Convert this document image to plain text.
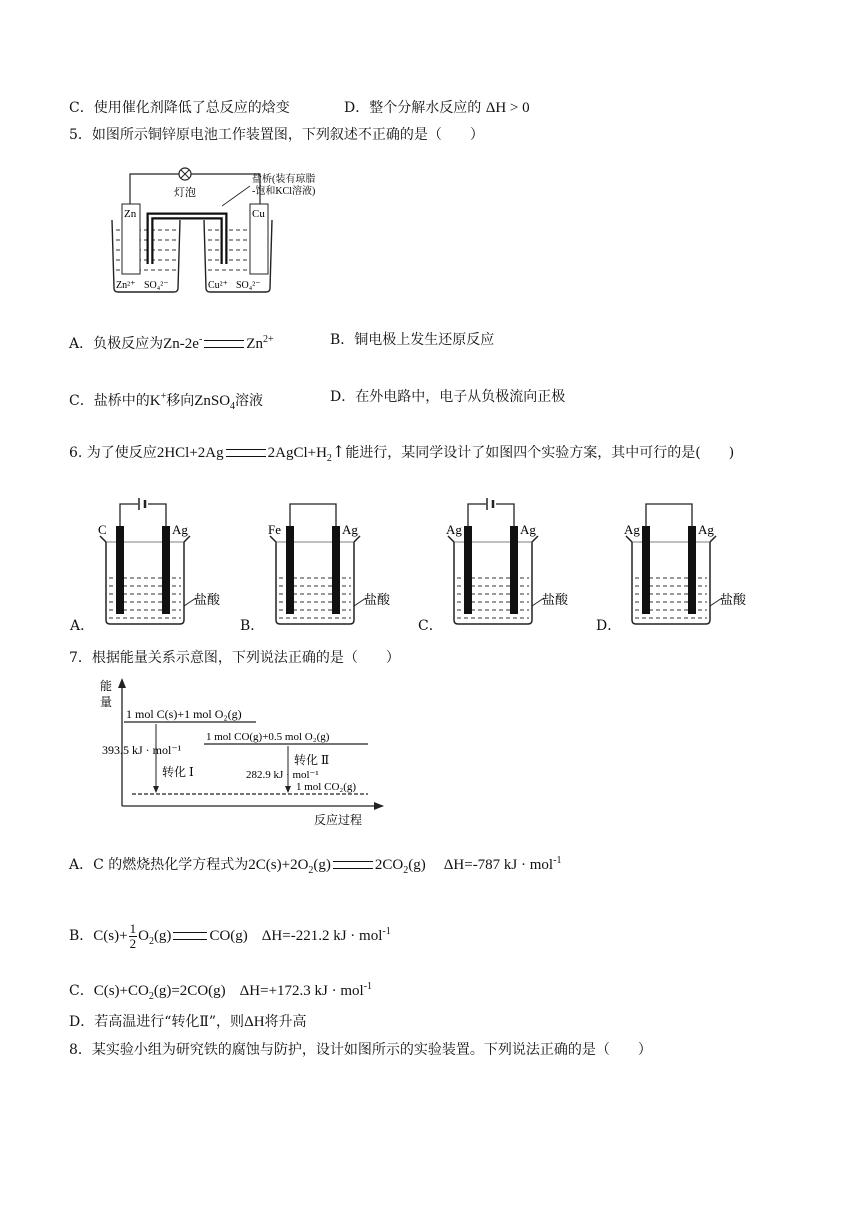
C．使用催化剂降低了总反应的焓变	D．整个分解水反应的 ΔH > 0
5．如图所示铜锌原电池工作装置图，下列叙述不正确的是（　　）
灯泡
盐桥(装有琼脂
-饱和KCl溶液)
Zn	Cu
Zn²⁺ SO₄²⁻	Cu²⁺ SO₄²⁻
A．负极反应为Zn-2e-	$Zn^{2+}$	B．铜电极上发生还原反应
C．盐桥中的K+移向ZnSO$_4$溶液	D．在外电路中，电子从负极流向正极
6. 为了使反应2HCl+2Ag	$2AgCl+H_2↑$能进行，某同学设计了如图四个实验方案，其中可行的是(　　)
A．
C	Ag
盐酸
B．
Fe	Ag
盐酸
C．
Ag	Ag
盐酸
D．
Ag	Ag
盐酸
7．根据能量关系示意图，下列说法正确的是（　　）
能
量
反应过程
1 mol C(s)+1 mol O₂(g)
1 mol CO(g)+0.5 mol O₂(g)
1 mol CO₂(g)
393.5 kJ · mol⁻¹
转化 Ⅰ
转化 Ⅱ
282.9 kJ · mol⁻¹
A．C 的燃烧热化学方程式为$2C(s)+2O_2(g)$	$2CO_2(g)$ ΔH=-787 kJ · mol$^{-1}$
B．$C(s)+ \frac{1}{2} O_2(g)$	CO(g) ΔH=-221.2 kJ · mol$^{-1}$
C．$C(s)+CO_2(g)=2CO(g)$ ΔH=+172.3 kJ · mol$^{-1}$
D．若高温进行“转化Ⅱ”，则ΔH将升高
8．某实验小组为研究铁的腐蚀与防护，设计如图所示的实验装置。下列说法正确的是（　　）
